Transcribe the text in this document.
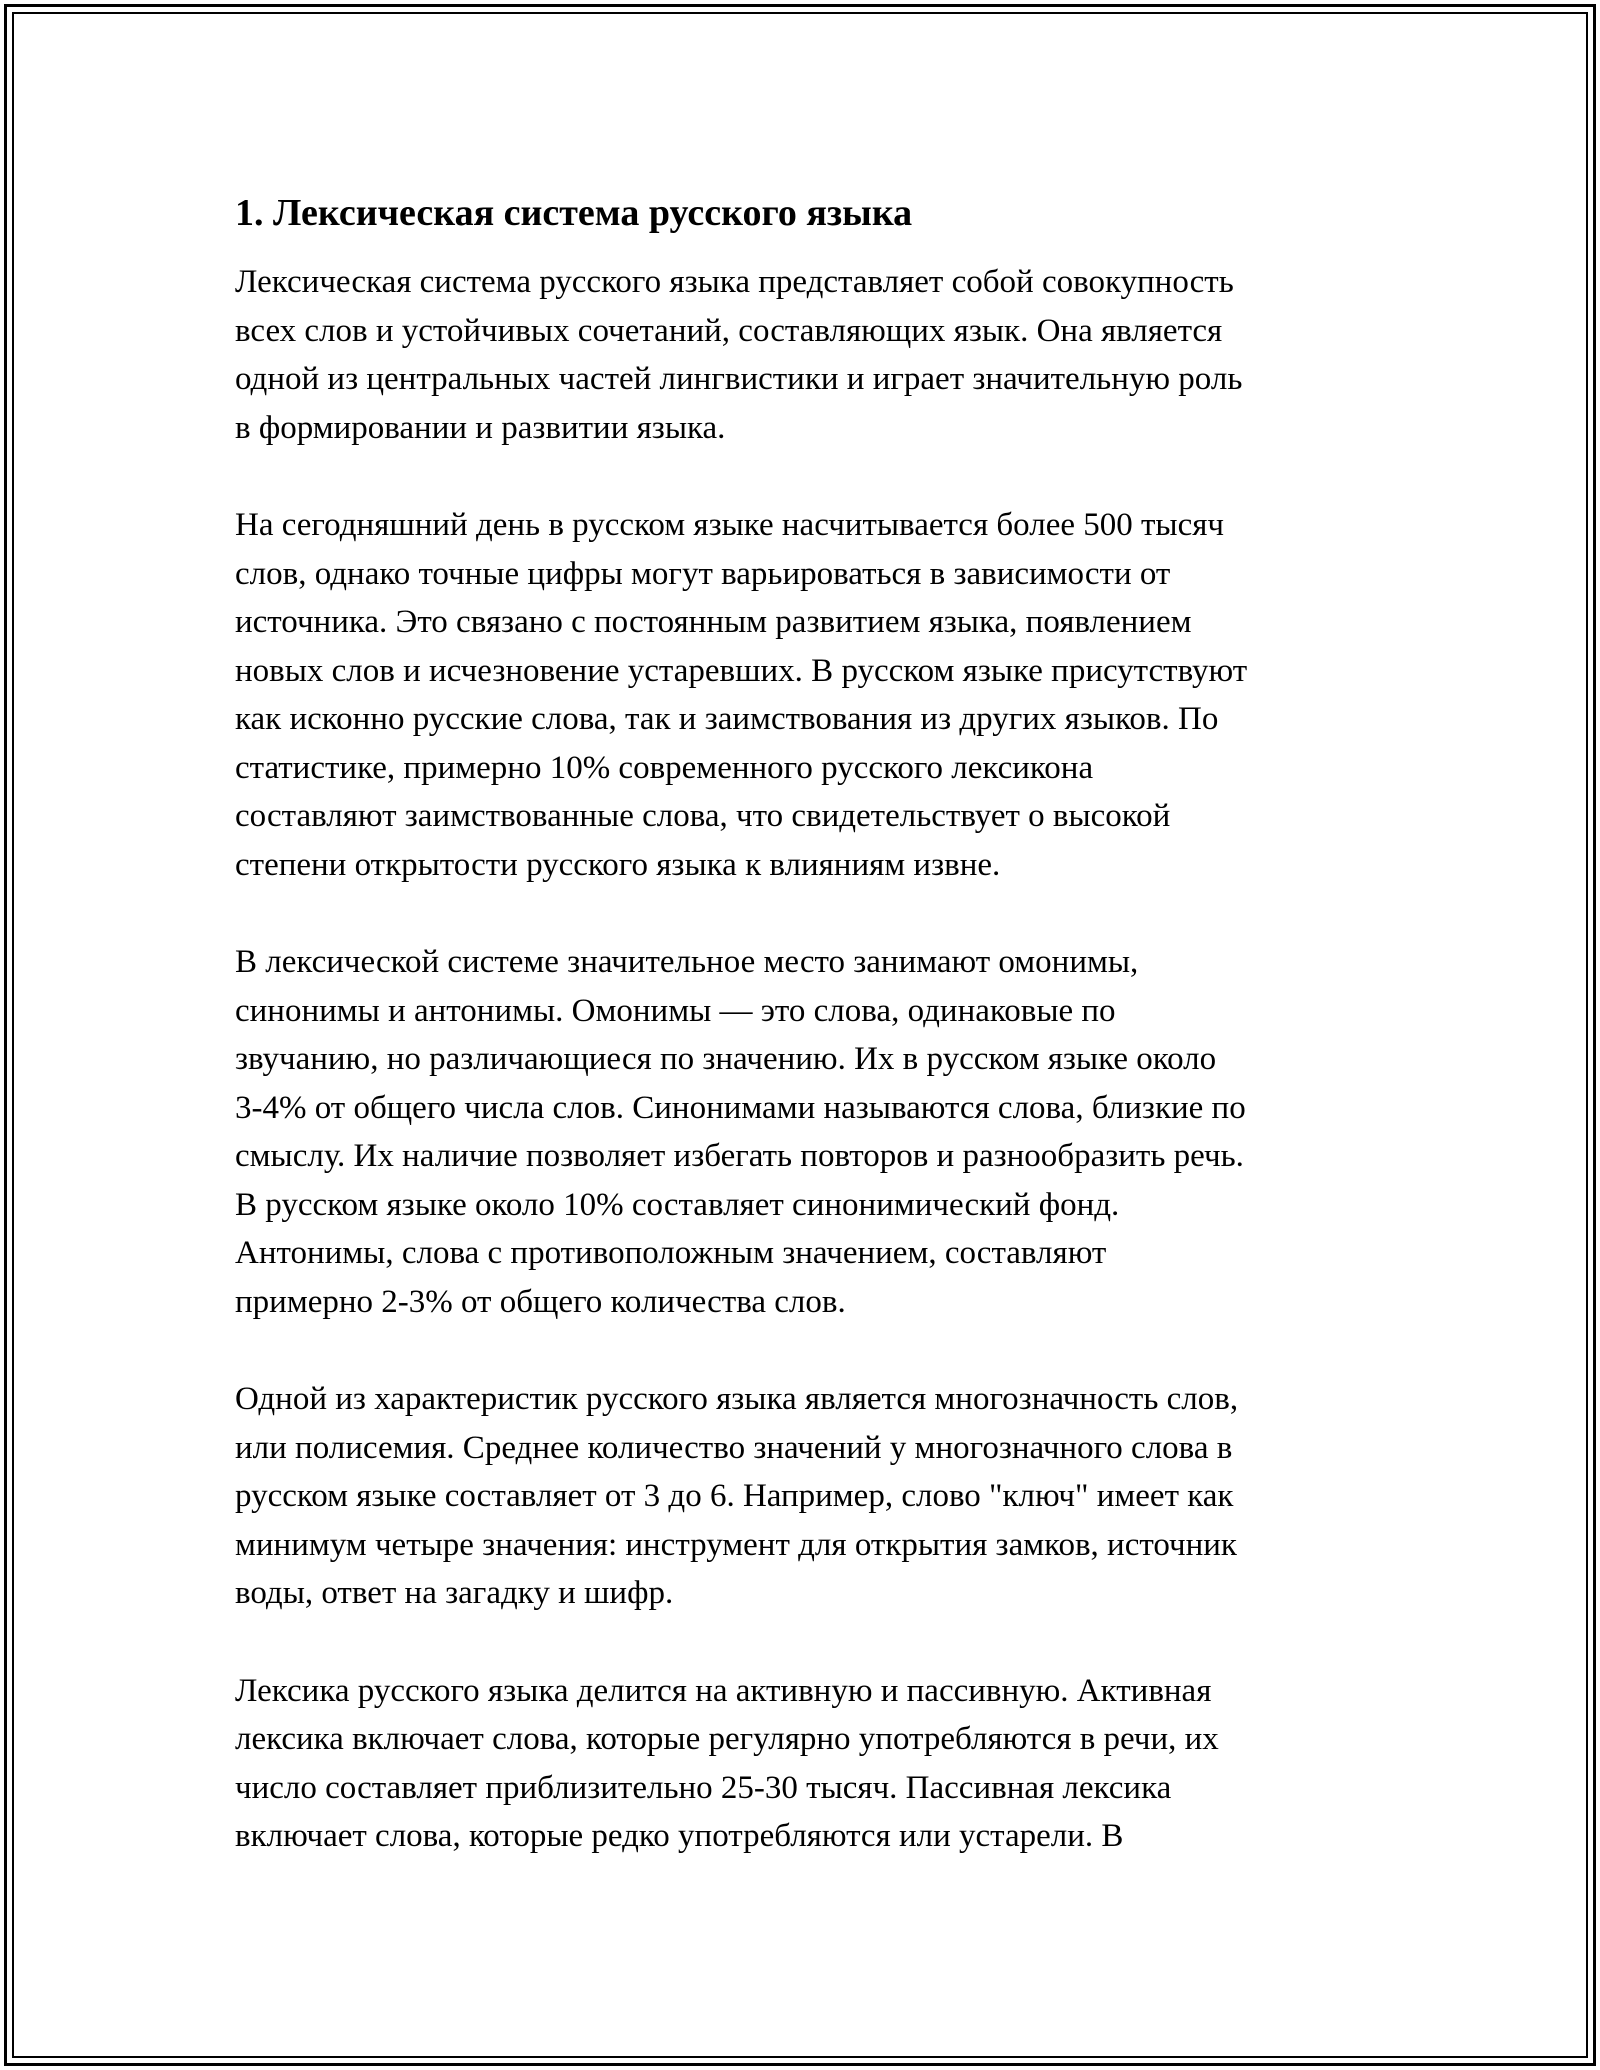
1. Лексическая система русского языка

Лексическая система русского языка представляет собой совокупность
всех слов и устойчивых сочетаний, составляющих язык. Она является
одной из центральных частей лингвистики и играет значительную роль
в формировании и развитии языка.

На сегодняшний день в русском языке насчитывается более 500 тысяч
слов, однако точные цифры могут варьироваться в зависимости от
источника. Это связано с постоянным развитием языка, появлением
новых слов и исчезновение устаревших. В русском языке присутствуют
как исконно русские слова, так и заимствования из других языков. По
статистике, примерно 10% современного русского лексикона
составляют заимствованные слова, что свидетельствует о высокой
степени открытости русского языка к влияниям извне.

В лексической системе значительное место занимают омонимы,
синонимы и антонимы. Омонимы — это слова, одинаковые по
звучанию, но различающиеся по значению. Их в русском языке около
3-4% от общего числа слов. Синонимами называются слова, близкие по
смыслу. Их наличие позволяет избегать повторов и разнообразить речь.
В русском языке около 10% составляет синонимический фонд.
Антонимы, слова с противоположным значением, составляют
примерно 2-3% от общего количества слов.

Одной из характеристик русского языка является многозначность слов,
или полисемия. Среднее количество значений у многозначного слова в
русском языке составляет от 3 до 6. Например, слово "ключ" имеет как
минимум четыре значения: инструмент для открытия замков, источник
воды, ответ на загадку и шифр.

Лексика русского языка делится на активную и пассивную. Активная
лексика включает слова, которые регулярно употребляются в речи, их
число составляет приблизительно 25-30 тысяч. Пассивная лексика
включает слова, которые редко употребляются или устарели. В
